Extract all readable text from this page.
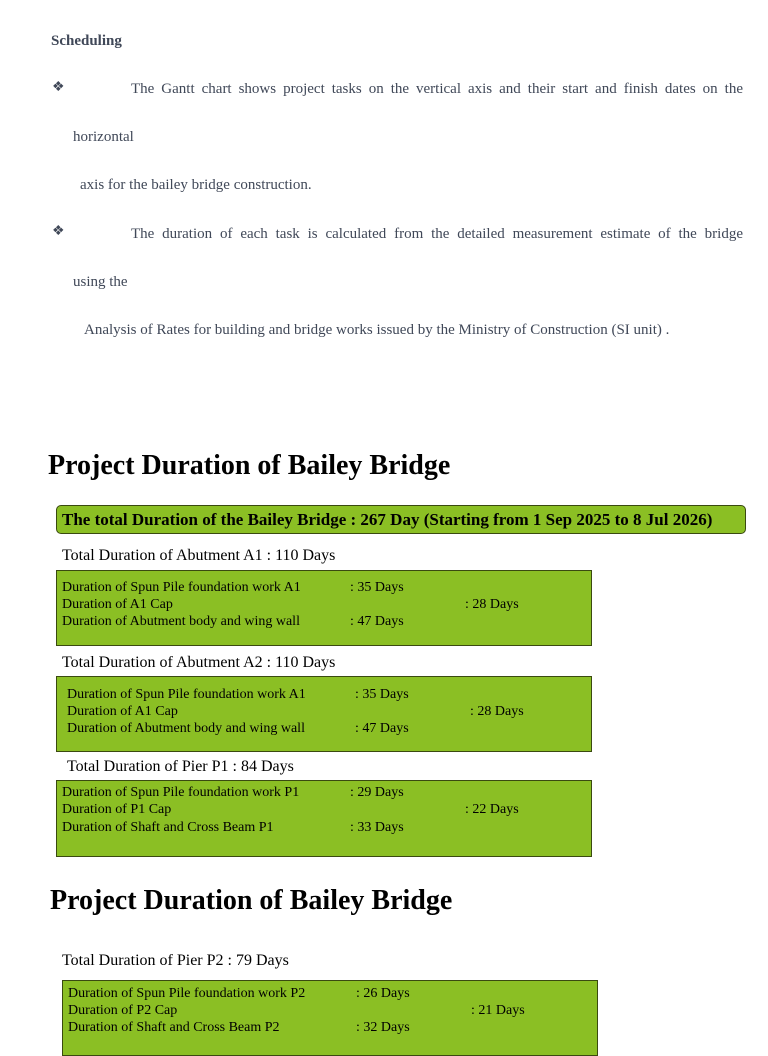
Scheduling
❖	The Gantt chart shows project tasks on the vertical axis and their start and finish dates on the
horizontal
axis for the bailey bridge construction.
❖	The duration of each task is calculated from the detailed measurement estimate of the bridge
using the
Analysis of Rates for building and bridge works issued by the Ministry of Construction (SI unit) .
Project Duration of Bailey Bridge
The total Duration of the Bailey Bridge : 267 Day (Starting from 1 Sep 2025 to 8 Jul 2026)
Total Duration of Abutment A1 : 110 Days
Duration of Spun Pile foundation work A1	: 35 Days
Duration of A1 Cap	: 28 Days
Duration of Abutment body and wing wall	: 47 Days
Total Duration of Abutment A2 : 110 Days
Duration of Spun Pile foundation work A1	: 35 Days
Duration of A1 Cap	: 28 Days
Duration of Abutment body and wing wall	: 47 Days
Total Duration of Pier P1 : 84 Days
Duration of Spun Pile foundation work P1	: 29 Days
Duration of P1 Cap	: 22 Days
Duration of Shaft and Cross Beam P1	: 33 Days
Project Duration of Bailey Bridge
Total Duration of Pier P2 : 79 Days
Duration of Spun Pile foundation work P2	: 26 Days
Duration of P2 Cap	: 21 Days
Duration of Shaft and Cross Beam P2	: 32 Days
